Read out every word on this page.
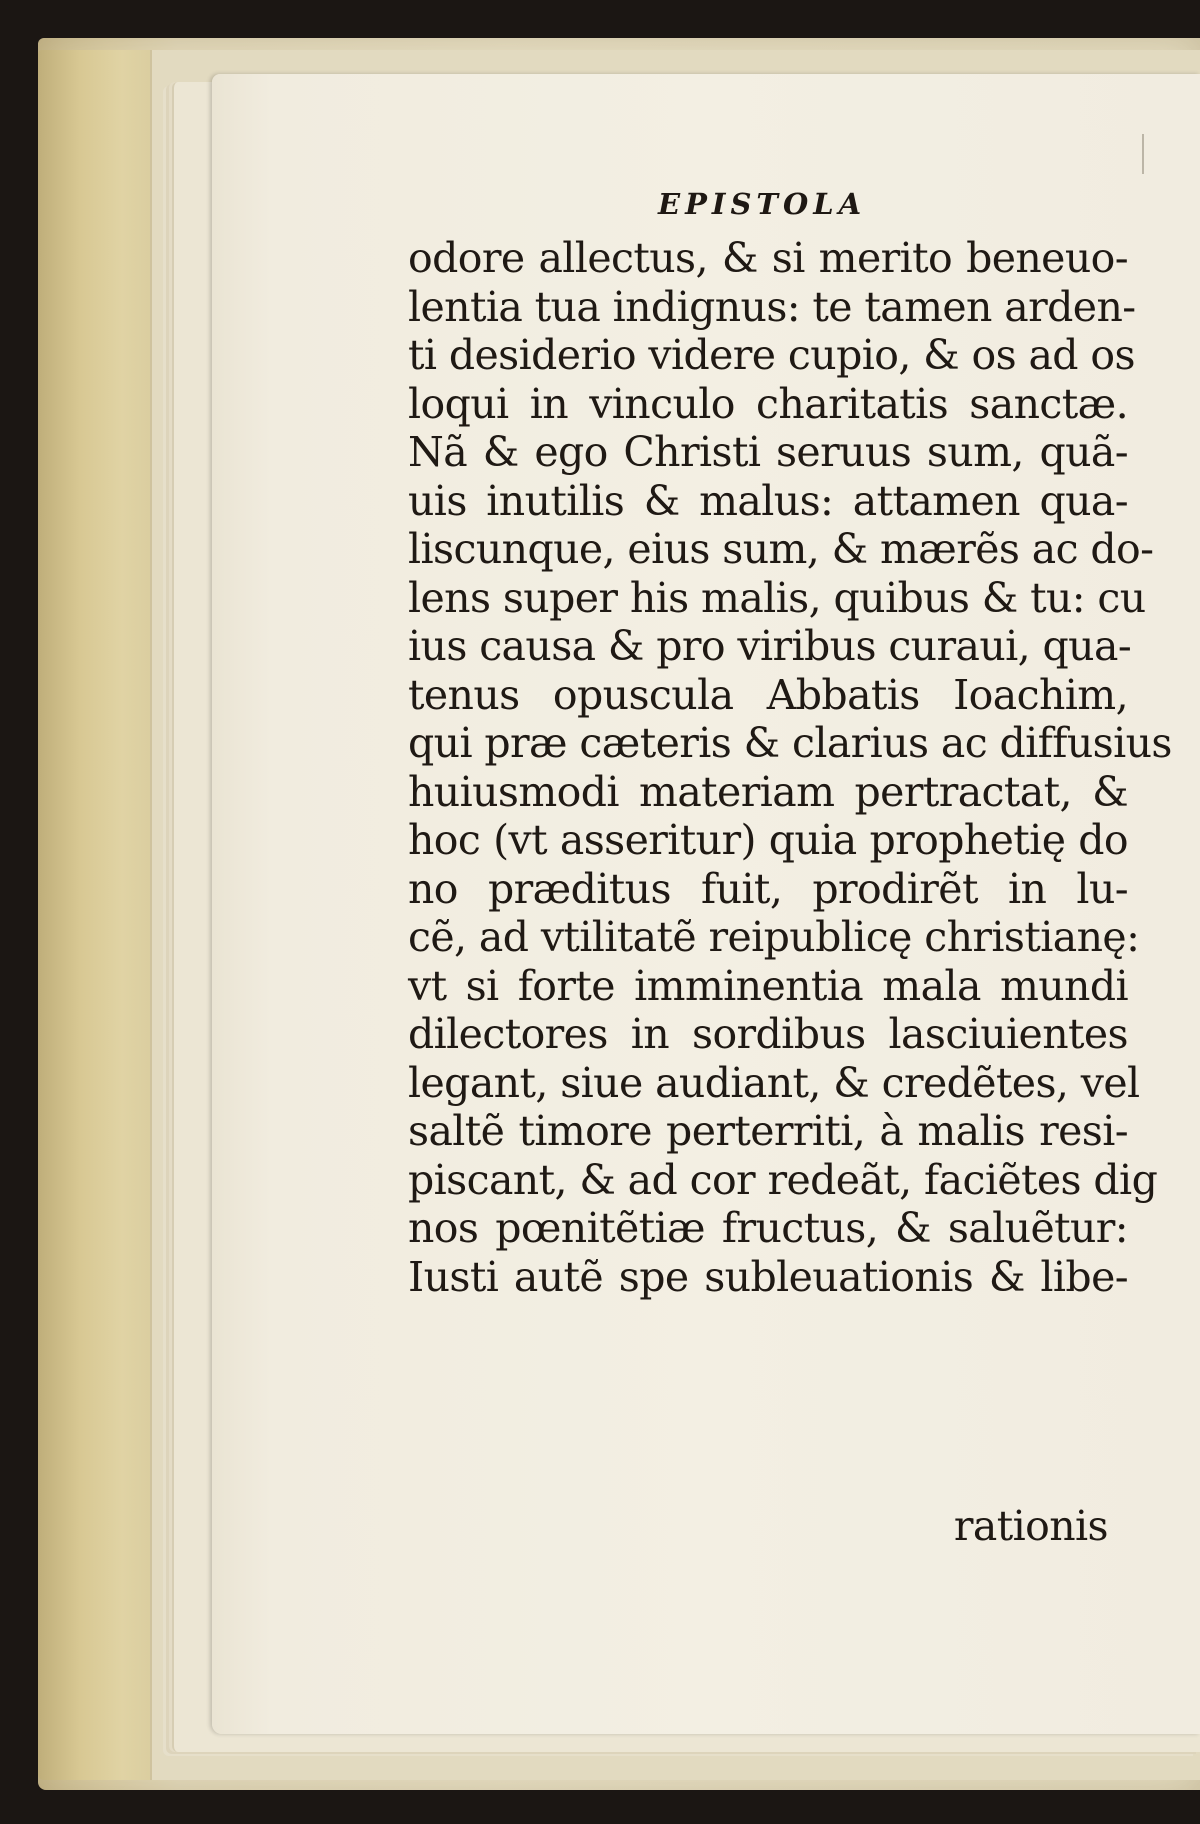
EPISTOLA
odore allectus, & si merito beneuo-
lentia tua indignus: te tamen arden-
ti desiderio videre cupio, & os ad os
loqui in vinculo charitatis sanctæ.
Nã & ego Christi seruus sum, quã-
uis inutilis & malus: attamen qua-
liscunque, eius sum, & mærẽs ac do-
lens super his malis, quibus & tu: cu
ius causa & pro viribus curaui, qua-
tenus opuscula Abbatis Ioachim,
qui præ cæteris & clarius ac diffusius
huiusmodi materiam pertractat, &
hoc (vt asseritur) quia prophetię do
no præditus fuit, prodirẽt in lu-
cẽ, ad vtilitatẽ reipublicę christianę:
vt si forte imminentia mala mundi
dilectores in sordibus lasciuientes
legant, siue audiant, & credẽtes, vel
saltẽ timore perterriti, à malis resi-
piscant, & ad cor redeãt, faciẽtes dig
nos pœnitẽtiæ fructus, & saluẽtur:
Iusti autẽ spe subleuationis & libe-
rationis
